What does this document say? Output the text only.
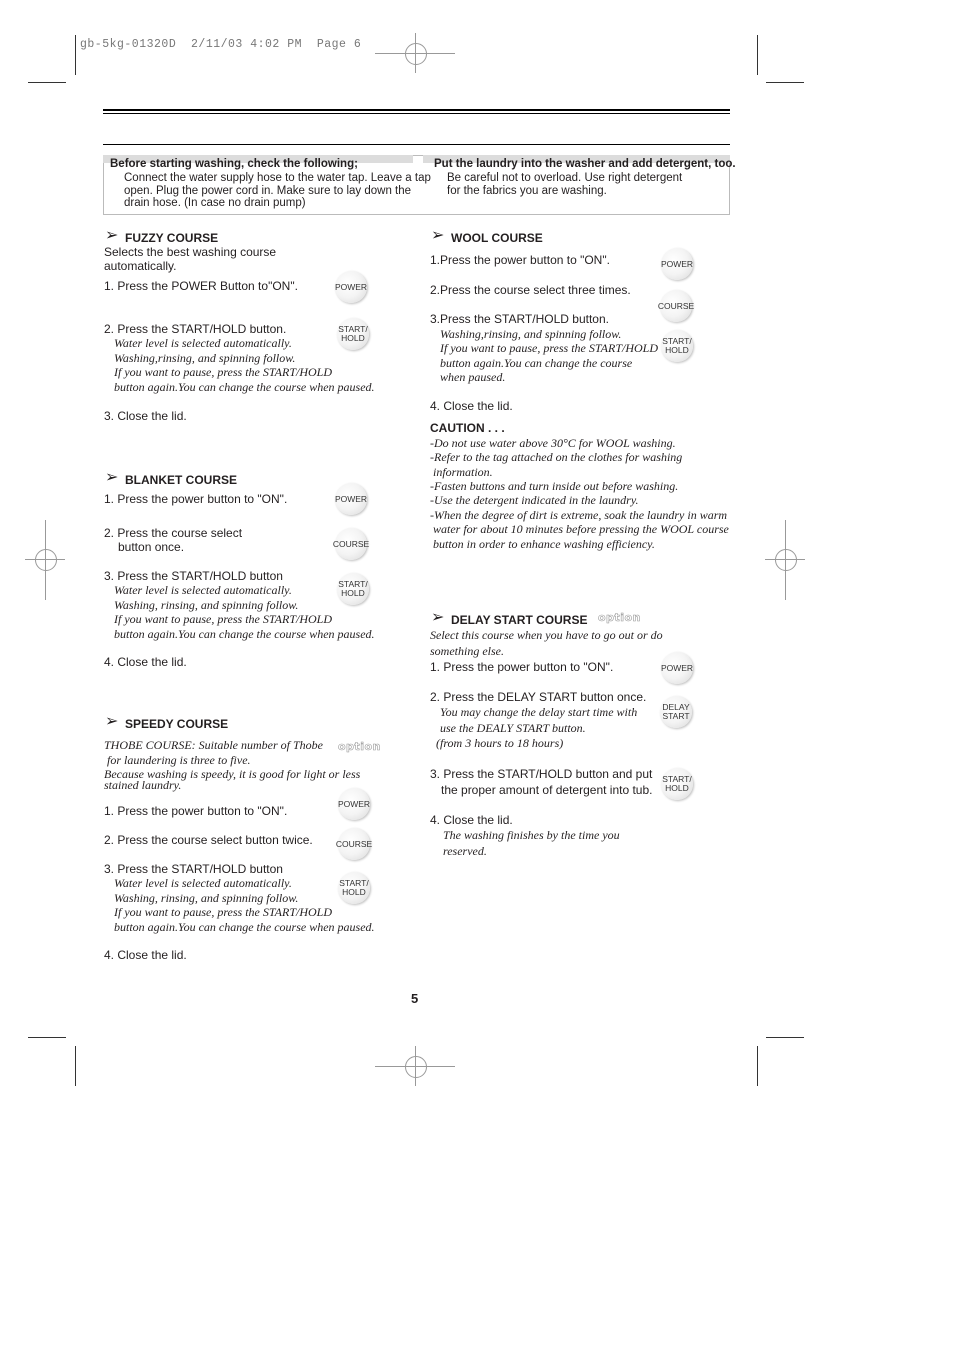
gb-5kg-01320D  2/11/03 4:02 PM  Page 6
Before starting washing, check the following;
Connect the water supply hose to the water tap. Leave a tap
open. Plug the power cord in. Make sure to lay down the
drain hose. (In case no drain pump)
Put the laundry into the washer and add detergent, too.
Be careful not to overload. Use right detergent
for the fabrics you are washing.
➢ FUZZY COURSE
Selects the best washing course
automatically.
1. Press the POWER Button to"ON".	POWER
2. Press the START/HOLD button.	START/
HOLD
Water level is selected automatically.
Washing,rinsing, and spinning follow.
If you want to pause, press the START/HOLD
button again.You can change the course when paused.
3. Close the lid.
➢ BLANKET COURSE
1. Press the power button to "ON".	POWER
2. Press the course select
button once.	COURSE
3. Press the START/HOLD button
START/
HOLD
Water level is selected automatically.
Washing, rinsing, and spinning follow.
If you want to pause, press the START/HOLD
button again.You can change the course when paused.
4. Close the lid.
➢ SPEEDY COURSE
THOBE COURSE: Suitable number of Thobe option
for laundering is three to five.
Because washing is speedy, it is good for light or less
stained laundry.
1. Press the power button to "ON".
POWER
2. Press the course select button twice.	COURSE
3. Press the START/HOLD button
START/
HOLD
Water level is selected automatically.
Washing, rinsing, and spinning follow.
If you want to pause, press the START/HOLD
button again.You can change the course when paused.
4. Close the lid.
➢ WOOL COURSE
1.Press the power button to "ON".	POWER
2.Press the course select three times.
COURSE
3.Press the START/HOLD button.
START/
HOLD
Washing,rinsing, and spinning follow.
If you want to pause, press the START/HOLD
button again.You can change the course
when paused.
4. Close the lid.
CAUTION . . .
-Do not use water above 30°C for WOOL washing.
-Refer to the tag attached on the clothes for washing
information.
-Fasten buttons and turn inside out before washing.
-Use the detergent indicated in the laundry.
-When the degree of dirt is extreme, soak the laundry in warm
water for about 10 minutes before pressing the WOOL course
button in order to enhance washing efficiency.
➢ DELAY START COURSE option
Select this course when you have to go out or do
something else.
1. Press the power button to "ON".	POWER
2. Press the DELAY START button once.
DELAY
START
You may change the delay start time with
use the DEALY START button.
(from 3 hours to 18 hours)
3. Press the START/HOLD button and put
the proper amount of detergent into tub.
START/
HOLD
4. Close the lid.
The washing finishes by the time you
reserved.
5
